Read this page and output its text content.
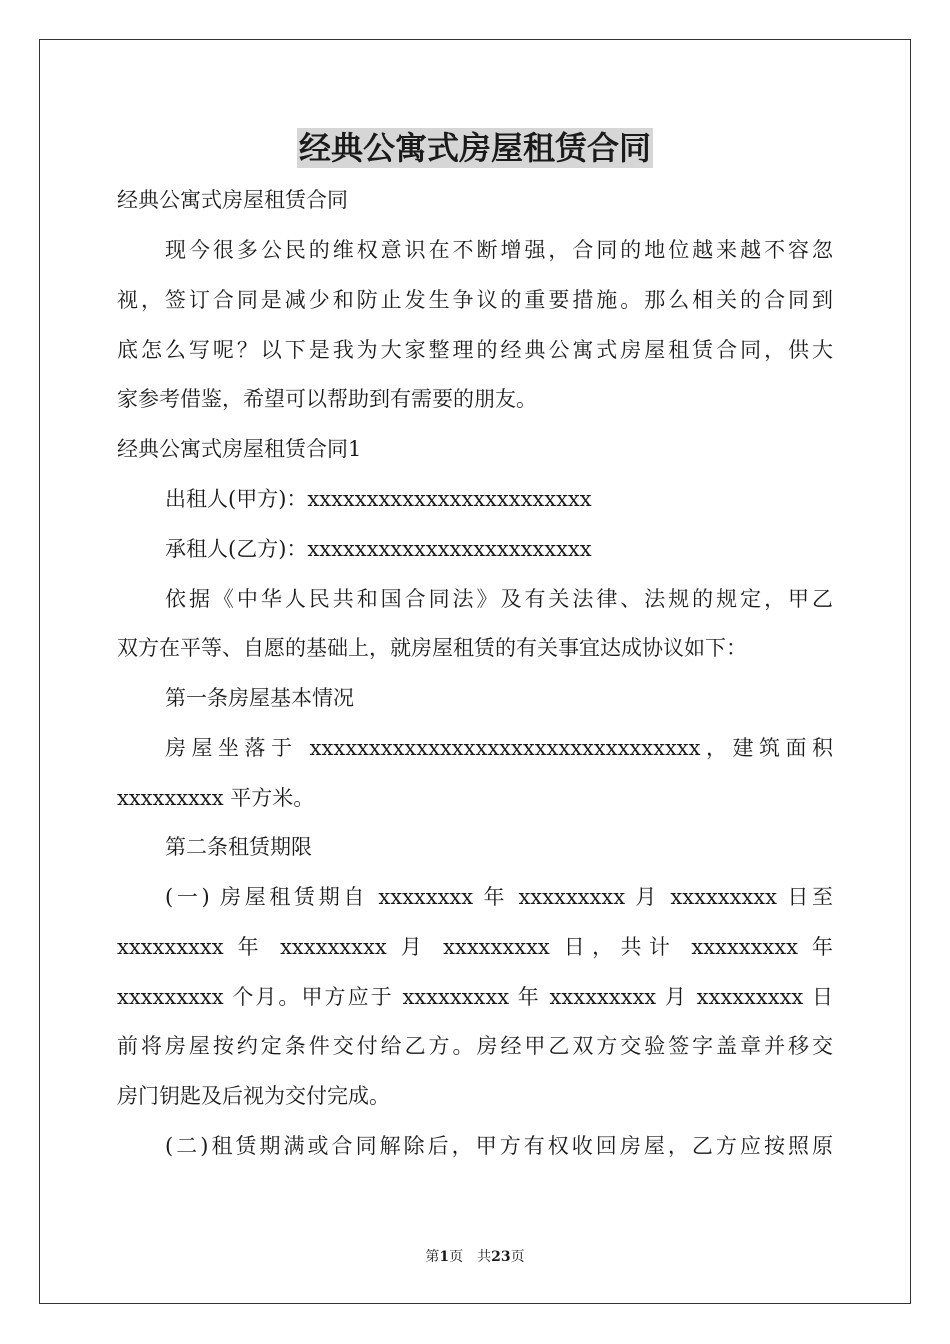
经典公寓式房屋租赁合同
经典公寓式房屋租赁合同
现今很多公民的维权意识在不断增强，合同的地位越来越不容忽
视，签订合同是减少和防止发生争议的重要措施。那么相关的合同到
底怎么写呢？以下是我为大家整理的经典公寓式房屋租赁合同，供大
家参考借鉴，希望可以帮助到有需要的朋友。
经典公寓式房屋租赁合同1
出租人(甲方)：xxxxxxxxxxxxxxxxxxxxxxxx
承租人(乙方)：xxxxxxxxxxxxxxxxxxxxxxxx
依据《中华人民共和国合同法》及有关法律、法规的规定，甲乙
双方在平等、自愿的基础上，就房屋租赁的有关事宜达成协议如下：
第一条房屋基本情况
房屋坐落于 xxxxxxxxxxxxxxxxxxxxxxxxxxxxxxxxx，建筑面积
xxxxxxxxx 平方米。
第二条租赁期限
(一) 房屋租赁期自 xxxxxxxx 年 xxxxxxxxx 月 xxxxxxxxx 日至
xxxxxxxxx 年 xxxxxxxxx 月 xxxxxxxxx 日，共计 xxxxxxxxx 年
xxxxxxxxx 个月。甲方应于 xxxxxxxxx 年 xxxxxxxxx 月 xxxxxxxxx 日
前将房屋按约定条件交付给乙方。房经甲乙双方交验签字盖章并移交
房门钥匙及后视为交付完成。
(二)租赁期满或合同解除后，甲方有权收回房屋，乙方应按照原
第1页　共23页
